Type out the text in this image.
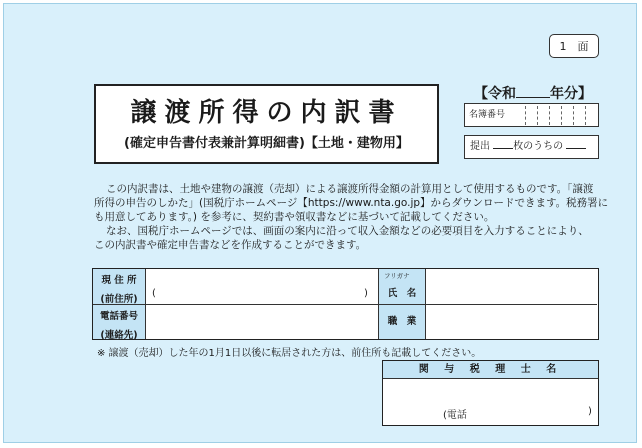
1　面
譲渡所得の内訳書
(確定申告書付表兼計算明細書)【土地・建物用】
【令和 年分】
名簿番号
提出 枚のうちの
この内訳書は、土地や建物の譲渡（売却）による譲渡所得金額の計算用として使用するものです。「譲渡
所得の申告のしかた」(国税庁ホームページ【https://www.nta.go.jp】からダウンロードできます。税務署に
も用意してあります。) を参考に、契約書や領収書などに基づいて記載してください。
なお、国税庁ホームページでは、画面の案内に沿って収入金額などの必要項目を入力することにより、
この内訳書や確定申告書などを作成することができます。
現 住 所
(前住所)
(	)
電話番号
(連絡先)
フリガナ
氏　名
職　業
※ 譲渡（売却）した年の1月1日以後に転居された方は、前住所も記載してください。
関 与 税 理 士 名
(電話	)
